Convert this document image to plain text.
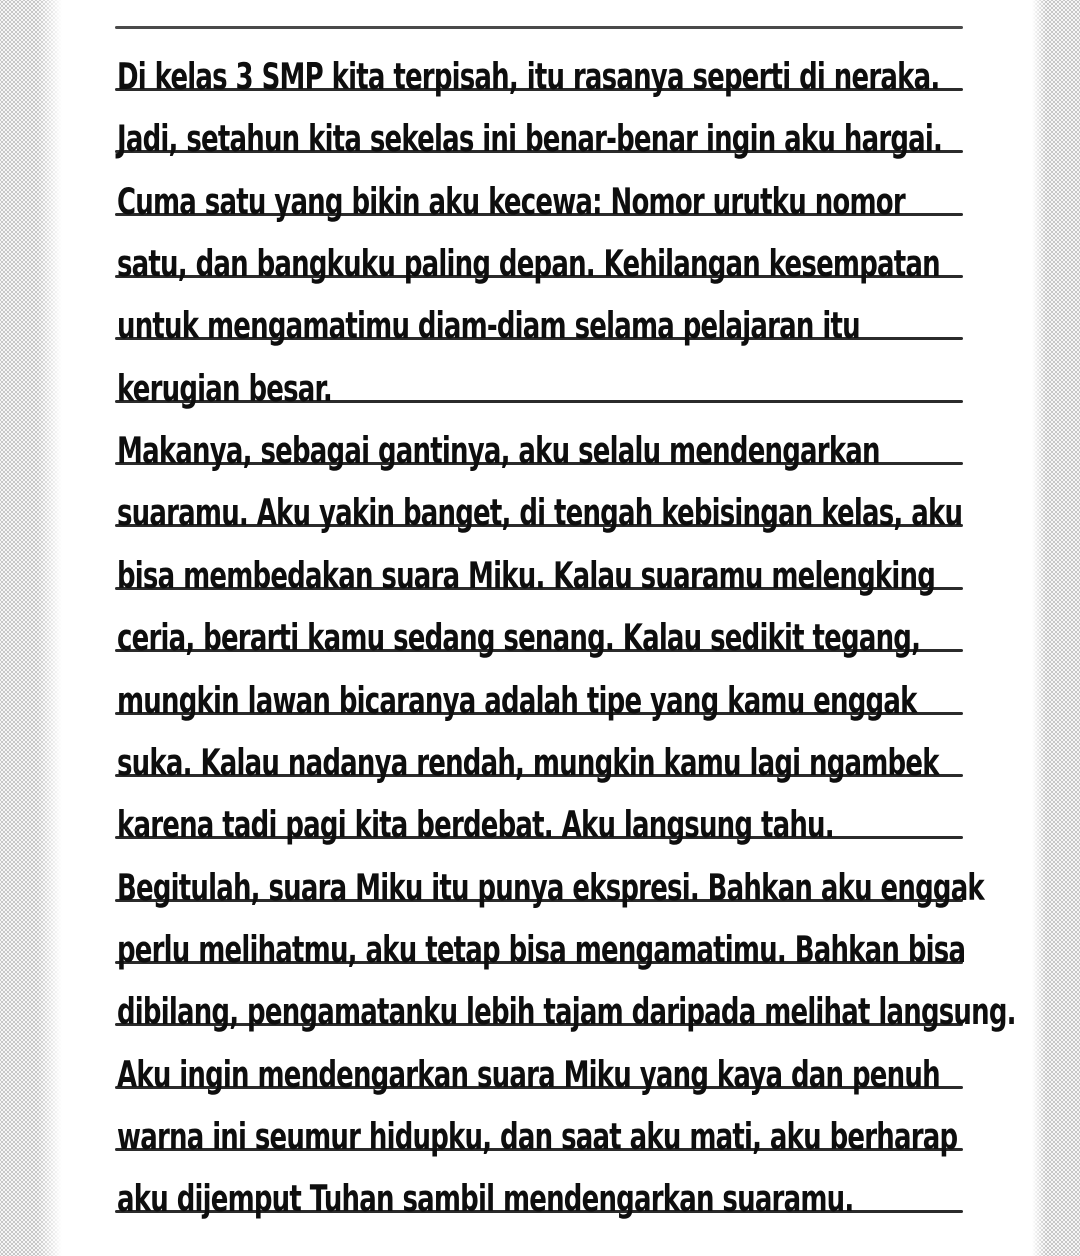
Di kelas 3 SMP kita terpisah, itu rasanya seperti di neraka.
Jadi, setahun kita sekelas ini benar-benar ingin aku hargai.
Cuma satu yang bikin aku kecewa: Nomor urutku nomor
satu, dan bangkuku paling depan. Kehilangan kesempatan
untuk mengamatimu diam-diam selama pelajaran itu
kerugian besar.
Makanya, sebagai gantinya, aku selalu mendengarkan
suaramu. Aku yakin banget, di tengah kebisingan kelas, aku
bisa membedakan suara Miku. Kalau suaramu melengking
ceria, berarti kamu sedang senang. Kalau sedikit tegang,
mungkin lawan bicaranya adalah tipe yang kamu enggak
suka. Kalau nadanya rendah, mungkin kamu lagi ngambek
karena tadi pagi kita berdebat. Aku langsung tahu.
Begitulah, suara Miku itu punya ekspresi. Bahkan aku enggak
perlu melihatmu, aku tetap bisa mengamatimu. Bahkan bisa
dibilang, pengamatanku lebih tajam daripada melihat langsung.
Aku ingin mendengarkan suara Miku yang kaya dan penuh
warna ini seumur hidupku, dan saat aku mati, aku berharap
aku dijemput Tuhan sambil mendengarkan suaramu.
